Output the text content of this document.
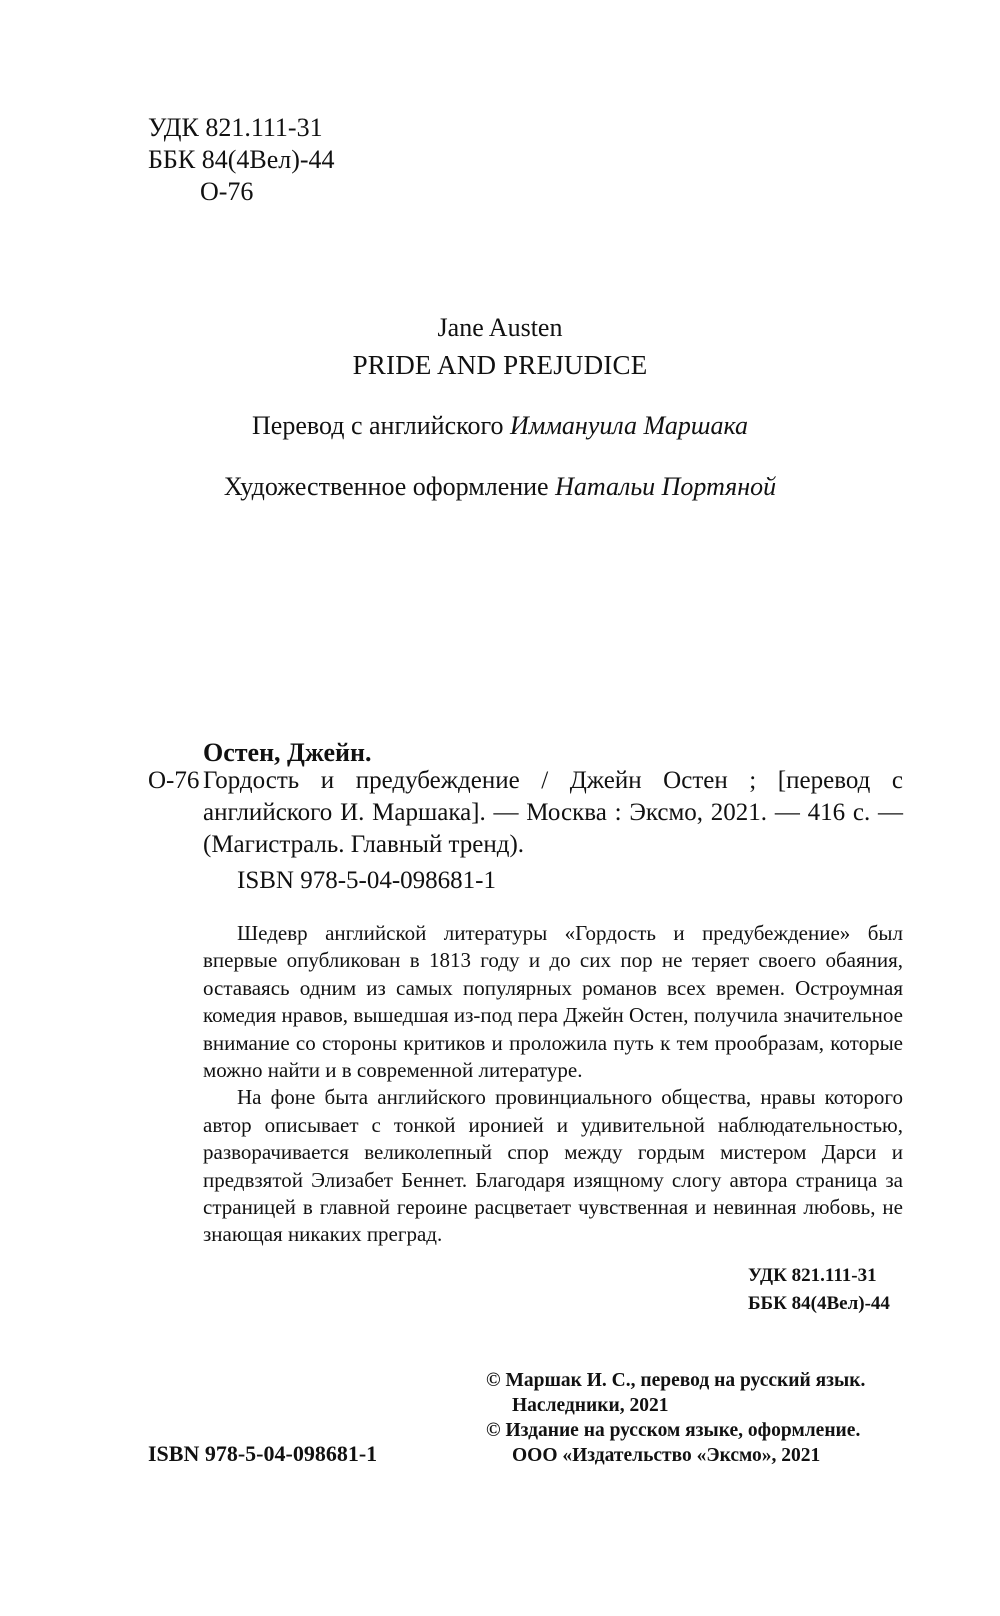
УДК 821.111-31
ББК 84(4Вел)-44
О-76
Jane Austen
PRIDE AND PREJUDICE
Перевод с английского Иммануила Маршака
Художественное оформление Натальи Портяной
Остен, Джейн.
О-76 Гордость и предубеждение / Джейн Остен ; [перевод с английского И. Маршака]. — Москва : Эксмо, 2021. — 416 с. — (Магистраль. Главный тренд).
ISBN 978-5-04-098681-1

Шедевр английской литературы «Гордость и предубеждение» был впервые опубликован в 1813 году и до сих пор не теряет своего обаяния, оставаясь одним из самых популярных романов всех времен. Остроумная комедия нравов, вышедшая из-под пера Джейн Остен, получила значительное внимание со стороны критиков и проложила путь к тем прообразам, которые можно найти и в современной литературе.

На фоне быта английского провинциального общества, нравы которого автор описывает с тонкой иронией и удивительной наблюдательностью, разворачивается великолепный спор между гордым мистером Дарси и предвзятой Элизабет Беннет. Благодаря изящному слогу автора страница за страницей в главной героине расцветает чувственная и невинная любовь, не знающая никаких преград.

УДК 821.111-31
ББК 84(4Вел)-44
© Маршак И. С., перевод на русский язык.
Наследники, 2021
© Издание на русском языке, оформление.
ООО «Издательство «Эксмо», 2021
ISBN 978-5-04-098681-1
